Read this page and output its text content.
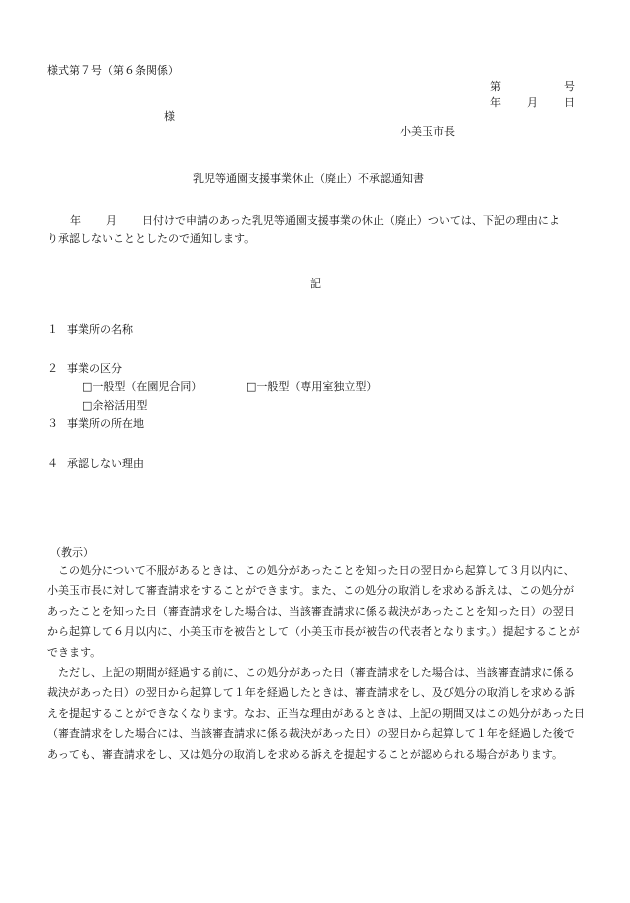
様式第７号（第６条関係）
第	号
年 月 日
様
小美玉市長
乳児等通園支援事業休止（廃止）不承認通知書
年 月 日付けで申請のあった乳児等通園支援事業の休止（廃止）ついては、下記の理由によ
り承認しないこととしたので通知します。
記
１ 事業所の名称
２ 事業の区分
□一般型（在園児合同）	□一般型（専用室独立型）
□余裕活用型
３ 事業所の所在地
４ 承認しない理由
（教示）

この処分について不服があるときは、この処分があったことを知った日の翌日から起算して３月以内に、小美玉市長に対して審査請求をすることができます。また、この処分の取消しを求める訴えは、この処分があったことを知った日（審査請求をした場合は、当該審査請求に係る裁決があったことを知った日）の翌日から起算して６月以内に、小美玉市を被告として（小美玉市長が被告の代表者となります。）提起することができます。

ただし、上記の期間が経過する前に、この処分があった日（審査請求をした場合は、当該審査請求に係る裁決があった日）の翌日から起算して１年を経過したときは、審査請求をし、及び処分の取消しを求める訴えを提起することができなくなります。なお、正当な理由があるときは、上記の期間又はこの処分があった日（審査請求をした場合には、当該審査請求に係る裁決があった日）の翌日から起算して１年を経過した後であっても、審査請求をし、又は処分の取消しを求める訴えを提起することが認められる場合があります。
